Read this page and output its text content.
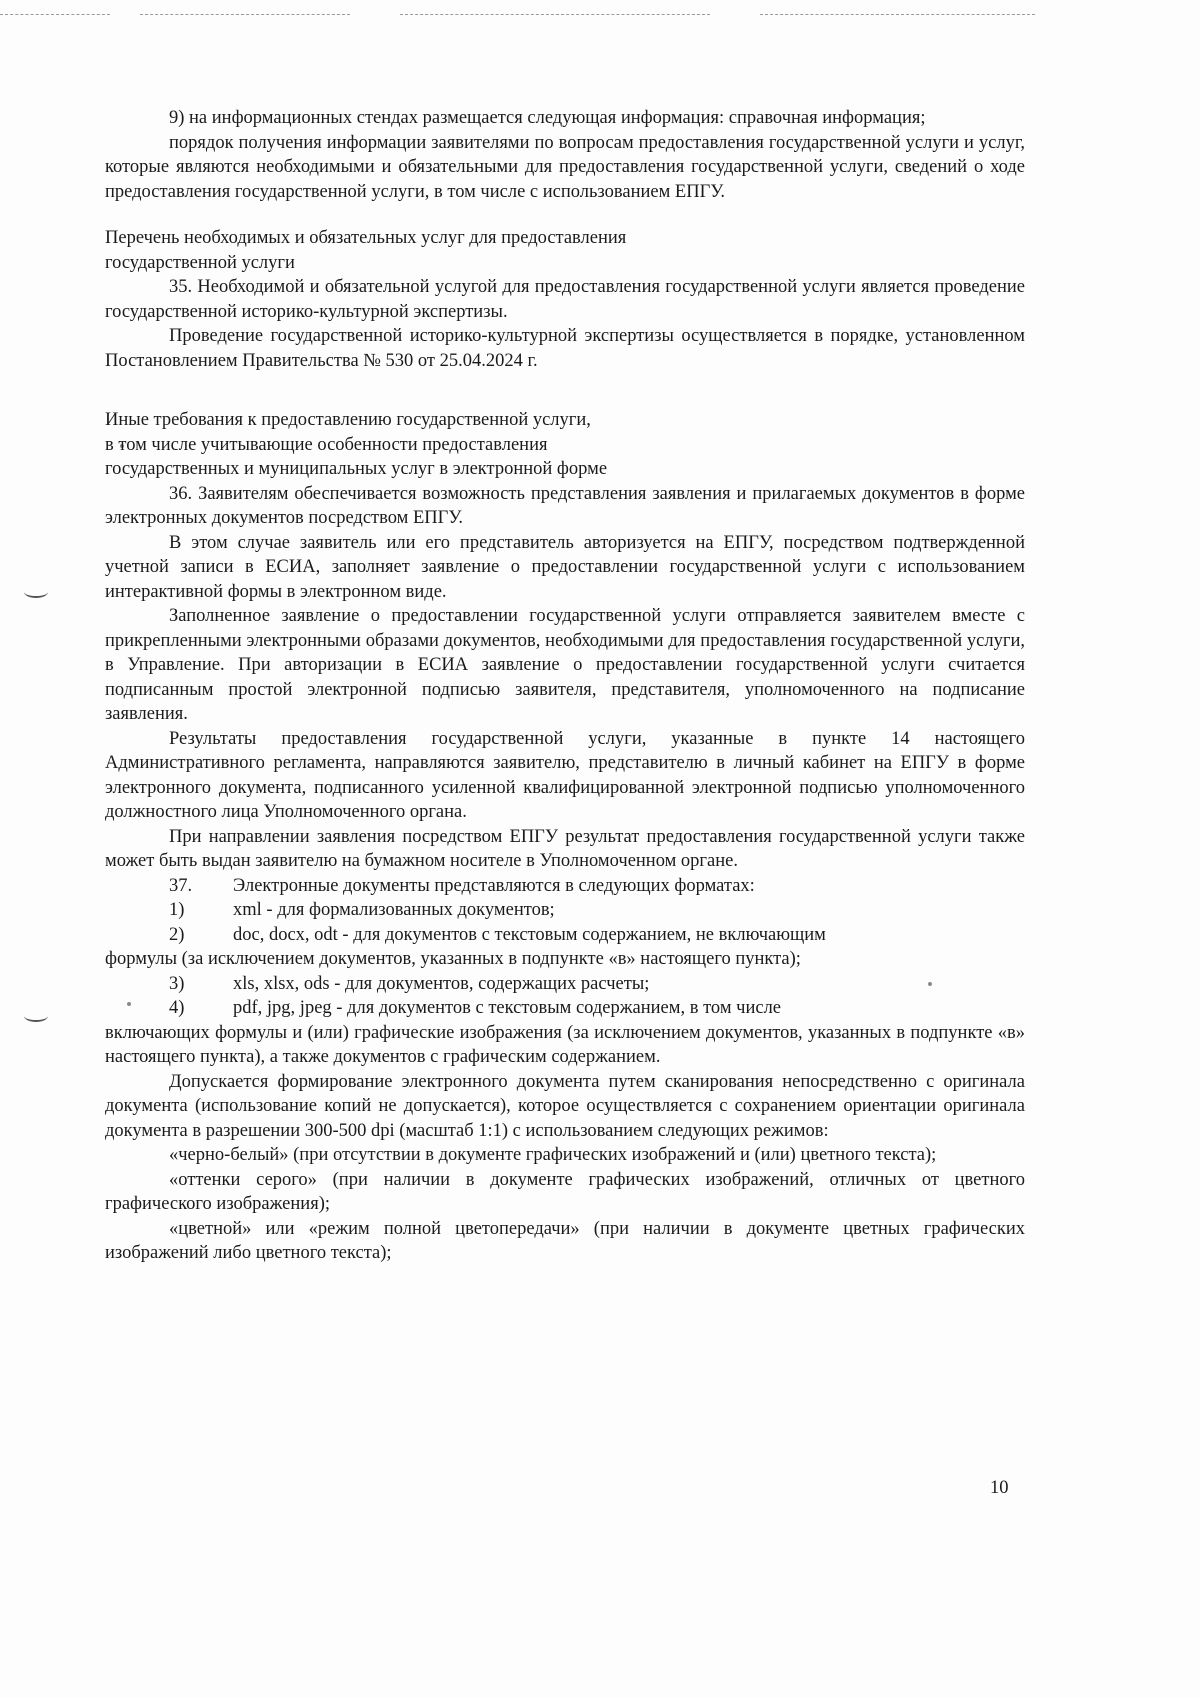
9) на информационных стендах размещается следующая информация: справочная информация;

порядок получения информации заявителями по вопросам предоставления государственной услуги и услуг, которые являются необходимыми и обязательными для предоставления государственной услуги, сведений о ходе предоставления государственной услуги, в том числе с использованием ЕПГУ.

Перечень необходимых и обязательных услуг для предоставления

государственной услуги

35. Необходимой и обязательной услугой для предоставления государственной услуги является проведение государственной историко-культурной экспертизы.

Проведение государственной историко-культурной экспертизы осуществляется в порядке, установленном Постановлением Правительства № 530 от 25.04.2024 г.

Иные требования к предоставлению государственной услуги,

в том числе учитывающие особенности предоставления

государственных и муниципальных услуг в электронной форме

36. Заявителям обеспечивается возможность представления заявления и прилагаемых документов в форме электронных документов посредством ЕПГУ.

В этом случае заявитель или его представитель авторизуется на ЕПГУ, посредством подтвержденной учетной записи в ЕСИА, заполняет заявление о предоставлении государственной услуги с использованием интерактивной формы в электронном виде.

Заполненное заявление о предоставлении государственной услуги отправляется заявителем вместе с прикрепленными электронными образами документов, необходимыми для предоставления государственной услуги, в Управление. При авторизации в ЕСИА заявление о предоставлении государственной услуги считается подписанным простой электронной подписью заявителя, представителя, уполномоченного на подписание заявления.

Результаты предоставления государственной услуги, указанные в пункте 14 настоящего Административного регламента, направляются заявителю, представителю в личный кабинет на ЕПГУ в форме электронного документа, подписанного усиленной квалифицированной электронной подписью уполномоченного должностного лица Уполномоченного органа.

При направлении заявления посредством ЕПГУ результат предоставления государственной услуги также может быть выдан заявителю на бумажном носителе в Уполномоченном органе.

37.	Электронные документы представляются в следующих форматах:
1)	xml - для формализованных документов;
2)	doc, docx, odt - для документов с текстовым содержанием, не включающим

формулы (за исключением документов, указанных в подпункте «в» настоящего пункта);

3)	xls, xlsx, ods - для документов, содержащих расчеты;
4)	pdf, jpg, jpeg - для документов с текстовым содержанием, в том числе

включающих формулы и (или) графические изображения (за исключением документов, указанных в подпункте «в» настоящего пункта), а также документов с графическим содержанием.

Допускается формирование электронного документа путем сканирования непосредственно с оригинала документа (использование копий не допускается), которое осуществляется с сохранением ориентации оригинала документа в разрешении 300-500 dpi (масштаб 1:1) с использованием следующих режимов:

«черно-белый» (при отсутствии в документе графических изображений и (или) цветного текста);

«оттенки серого» (при наличии в документе графических изображений, отличных от цветного графического изображения);

«цветной» или «режим полной цветопередачи» (при наличии в документе цветных графических изображений либо цветного текста);

10
